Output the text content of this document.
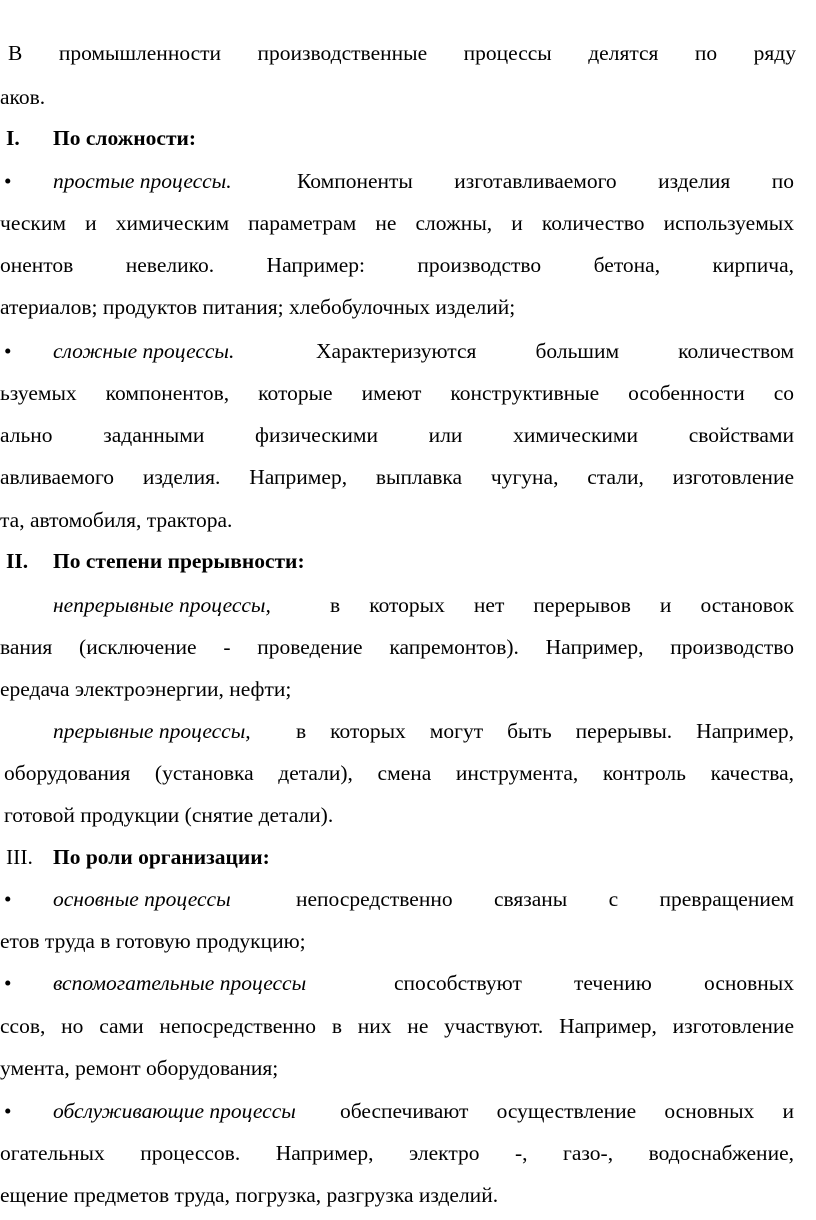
В промышленности производственные процессы делятся по ряду
аков.
I. По сложности:
• простые процессы.	Компоненты изготавливаемого изделия по
ческим и химическим параметрам не сложны, и количество используемых
онентов невелико. Например: производство бетона, кирпича,
атериалов; продуктов питания; хлебобулочных изделий;
• сложные процессы.	Характеризуются большим количеством
ьзуемых компонентов, которые имеют конструктивные особенности со
ально заданными физическими или химическими свойствами
авливаемого изделия. Например, выплавка чугуна, стали, изготовление
та, автомобиля, трактора.
II. По степени прерывности:
непрерывные процессы,	в которых нет перерывов и остановок
вания (исключение - проведение капремонтов). Например, производство
ередача электроэнергии, нефти;
прерывные процессы, в которых могут быть перерывы. Например,
оборудования (установка детали), смена инструмента, контроль качества,
готовой продукции (снятие детали).
III. По роли организации:
• основные процессы	непосредственно связаны с превращением
етов труда в готовую продукцию;
• вспомогательные процессы	способствуют течению основных
ссов, но сами непосредственно в них не участвуют. Например, изготовление
умента, ремонт оборудования;
• обслуживающие процессы обеспечивают осуществление основных и
огательных процессов. Например, электро -, газо-, водоснабжение,
ещение предметов труда, погрузка, разгрузка изделий.
